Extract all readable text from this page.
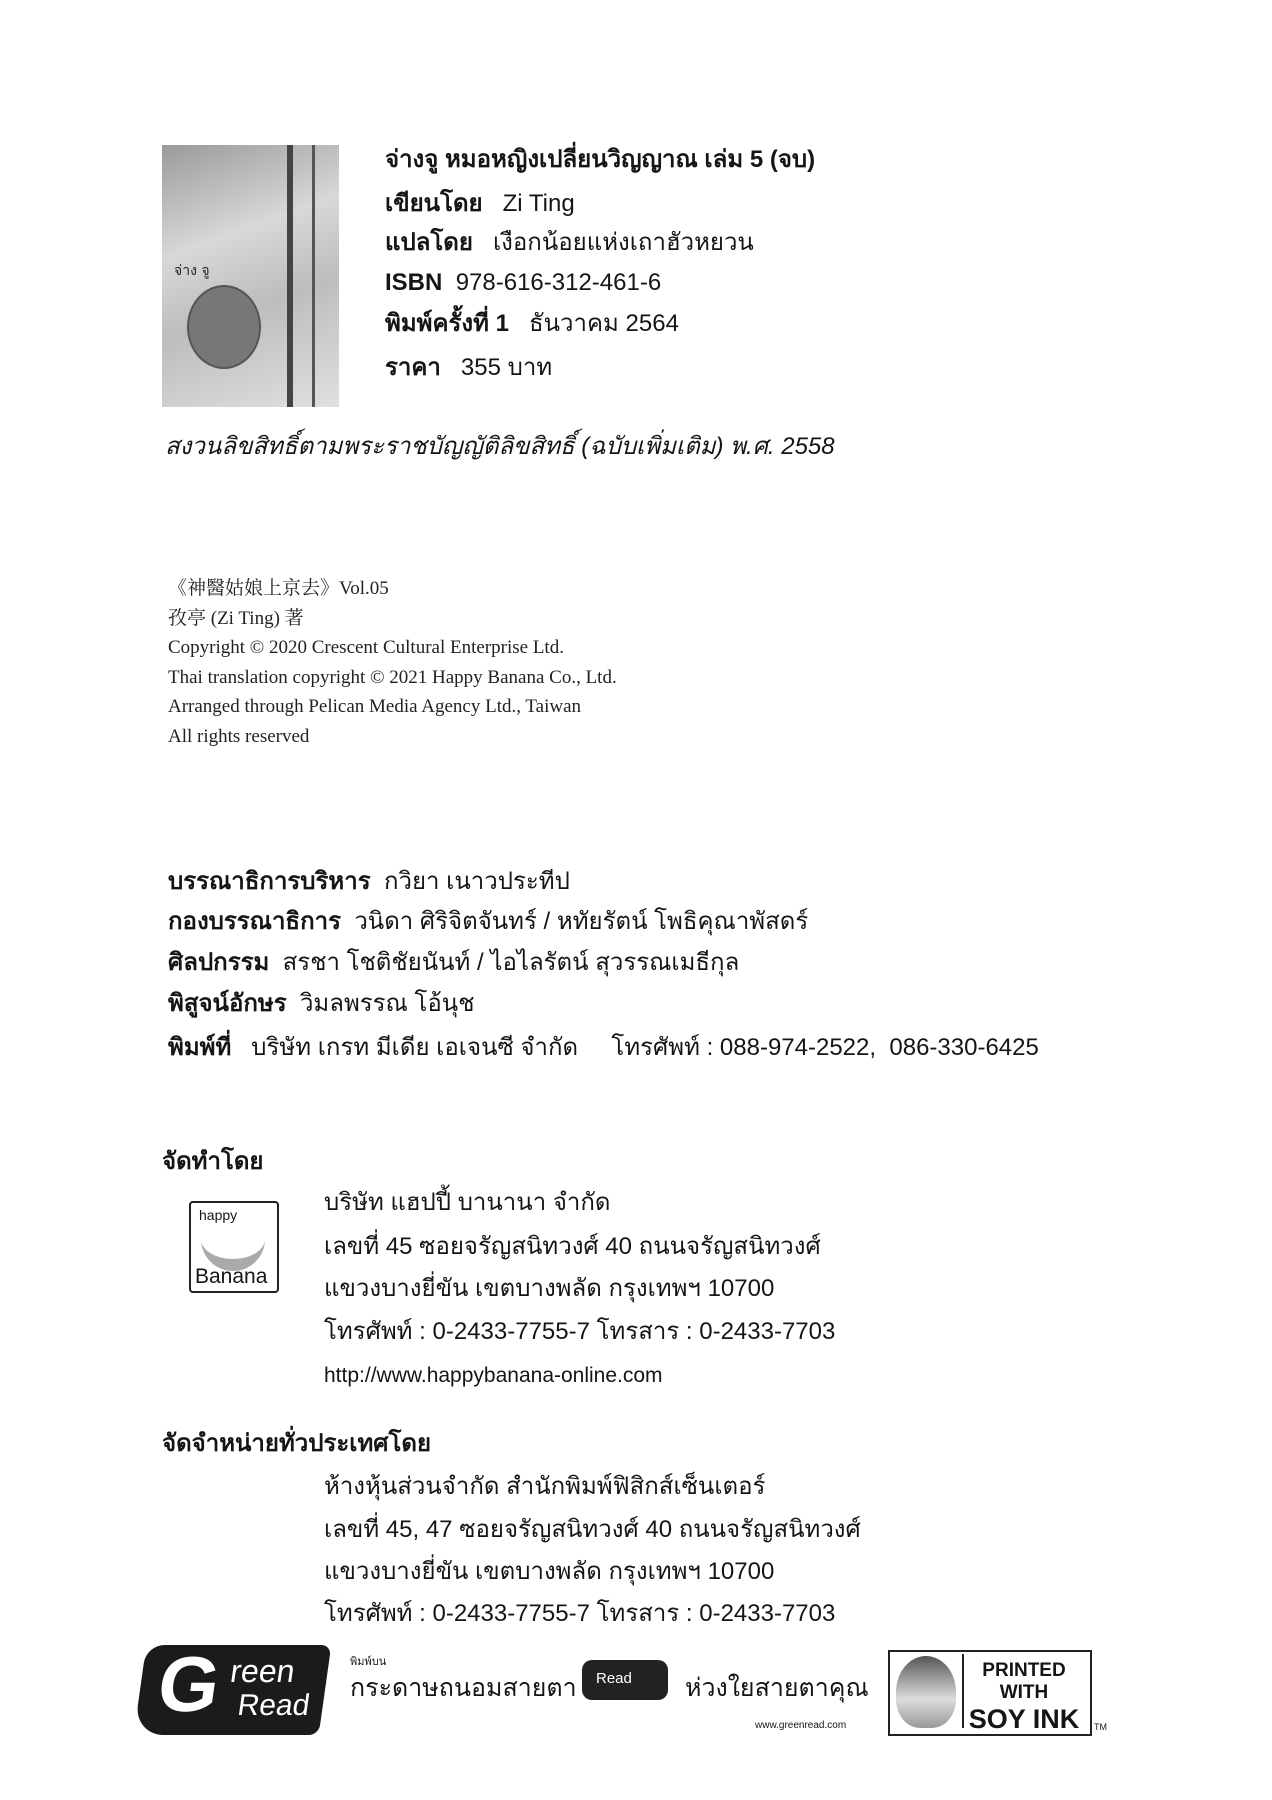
จ่าง จู
จ่างจู หมอหญิงเปลี่ยนวิญญาณ เล่ม 5 (จบ)
เขียนโดย Zi Ting
แปลโดย เงือกน้อยแห่งเถาฮัวหยวน
ISBN 978-616-312-461-6
พิมพ์ครั้งที่ 1 ธันวาคม 2564
ราคา 355 บาท
สงวนลิขสิทธิ์ตามพระราชบัญญัติลิขสิทธิ์ (ฉบับเพิ่มเติม) พ.ศ. 2558
《神醫姑娘上京去》Vol.05
孜亭 (Zi Ting) 著
Copyright © 2020 Crescent Cultural Enterprise Ltd.
Thai translation copyright © 2021 Happy Banana Co., Ltd.
Arranged through Pelican Media Agency Ltd., Taiwan
All rights reserved
บรรณาธิการบริหาร กวิยา เนาวประทีป
กองบรรณาธิการ วนิดา ศิริจิตจันทร์ / หทัยรัตน์ โพธิคุณาพัสดร์
ศิลปกรรม สรชา โชติชัยนันท์ / ไอไลรัตน์ สุวรรณเมธีกุล
พิสูจน์อักษร วิมลพรรณ โอ้นุช
พิมพ์ที่ บริษัท เกรท มีเดีย เอเจนซี จำกัด     โทรศัพท์ : 088-974-2522,  086-330-6425
จัดทำโดย
happy
Banana
บริษัท แฮปปี้ บานานา จำกัด
เลขที่ 45 ซอยจรัญสนิทวงศ์ 40 ถนนจรัญสนิทวงศ์
แขวงบางยี่ขัน เขตบางพลัด กรุงเทพฯ 10700
โทรศัพท์ : 0-2433-7755-7 โทรสาร : 0-2433-7703
http://www.happybanana-online.com
จัดจำหน่ายทั่วประเทศโดย
ห้างหุ้นส่วนจำกัด สำนักพิมพ์ฟิสิกส์เซ็นเตอร์
เลขที่ 45, 47 ซอยจรัญสนิทวงศ์ 40 ถนนจรัญสนิทวงศ์
แขวงบางยี่ขัน เขตบางพลัด กรุงเทพฯ 10700
โทรศัพท์ : 0-2433-7755-7 โทรสาร : 0-2433-7703
G reen
Read
พิมพ์บน
กระดาษถนอมสายตา Read ห่วงใยสายตาคุณ
www.greenread.com
PRINTED WITH
SOY INK	TM
